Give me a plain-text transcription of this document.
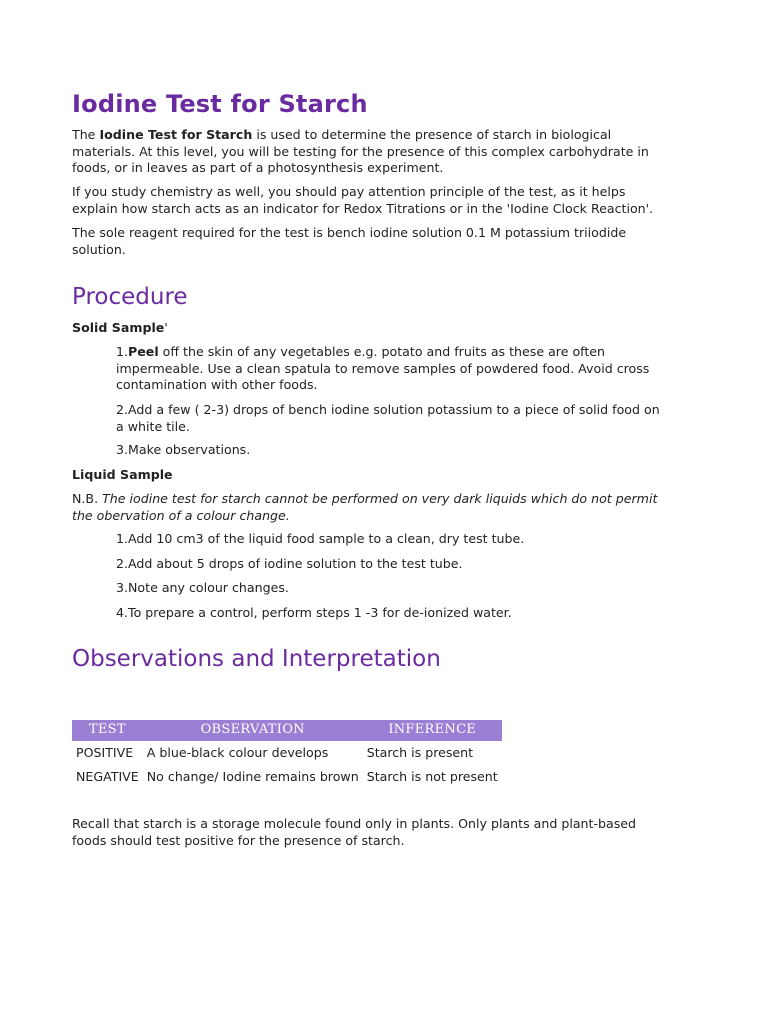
Iodine Test for Starch

The Iodine Test for Starch is used to determine the presence of starch in biological
materials. At this level, you will be testing for the presence of this complex carbohydrate in
foods, or in leaves as part of a photosynthesis experiment.

If you study chemistry as well, you should pay attention principle of the test, as it helps
explain how starch acts as an indicator for Redox Titrations or in the 'Iodine Clock Reaction'.

The sole reagent required for the test is bench iodine solution 0.1 M potassium triiodide
solution.

Procedure
Solid Sample'
1.Peel off the skin of any vegetables e.g. potato and fruits as these are often
impermeable. Use a clean spatula to remove samples of powdered food. Avoid cross
contamination with other foods.
2.Add a few ( 2-3) drops of bench iodine solution potassium to a piece of solid food on
a white tile.
3.Make observations.
Liquid Sample

N.B. The iodine test for starch cannot be performed on very dark liquids which do not permit
the obervation of a colour change.

1.Add 10 cm3 of the liquid food sample to a clean, dry test tube.
2.Add about 5 drops of iodine solution to the test tube.
3.Note any colour changes.
4.To prepare a control, perform steps 1 -3 for de-ionized water.
Observations and Interpretation
TEST	OBSERVATION	INFERENCE
POSITIVE	A blue-black colour develops	Starch is present
NEGATIVE	No change/ Iodine remains brown	Starch is not present

Recall that starch is a storage molecule found only in plants. Only plants and plant-based
foods should test positive for the presence of starch.
